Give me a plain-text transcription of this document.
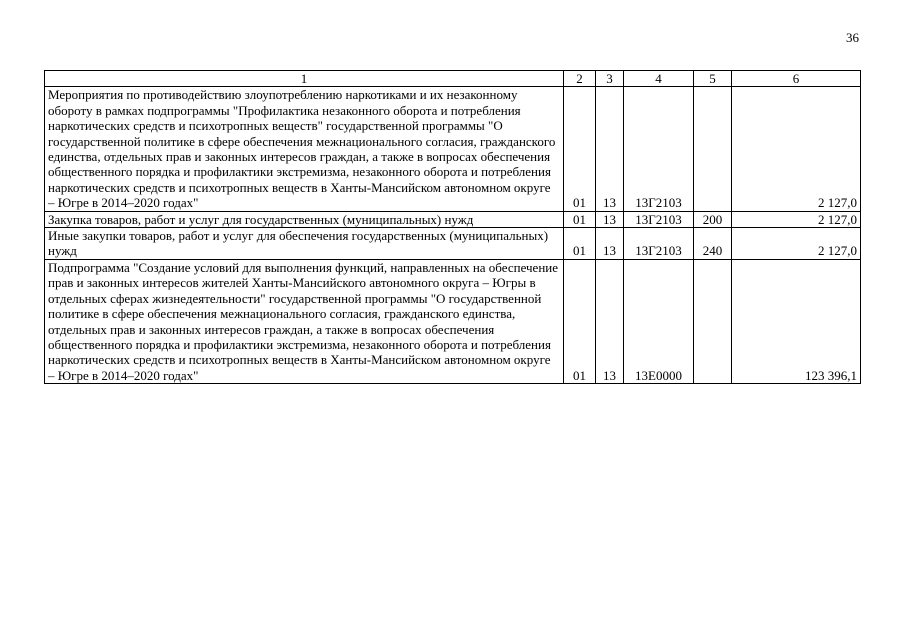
36
1	2	3	4	5	6
Мероприятия по противодействию злоупотреблению наркотиками и их незаконному обороту в рамках подпрограммы "Профилактика незаконного оборота и потребления наркотических средств и психотропных веществ" государственной программы "О государственной политике в сфере обеспечения межнационального согласия, гражданского единства, отдельных прав и законных интересов граждан, а также в вопросах обеспечения общественного порядка и профилактики экстремизма, незаконного оборота и потребления наркотических средств и психотропных веществ в Ханты-Мансийском автономном округе – Югре в 2014–2020 годах"	01	13	13Г2103		2 127,0
Закупка товаров, работ и услуг для государственных (муниципальных) нужд	01	13	13Г2103	200	2 127,0
Иные закупки товаров, работ и услуг для обеспечения государственных (муниципальных) нужд	01	13	13Г2103	240	2 127,0
Подпрограмма "Создание условий для выполнения функций, направленных на обеспечение прав и законных интересов жителей Ханты-Мансийского автономного округа – Югры в отдельных сферах жизнедеятельности" государственной программы "О государственной политике в сфере обеспечения межнационального согласия, гражданского единства, отдельных прав и законных интересов граждан, а также в вопросах обеспечения общественного порядка и профилактики экстремизма, незаконного оборота и потребления наркотических средств и психотропных веществ в Ханты-Мансийском автономном округе – Югре в 2014–2020 годах"	01	13	13Е0000		123 396,1
